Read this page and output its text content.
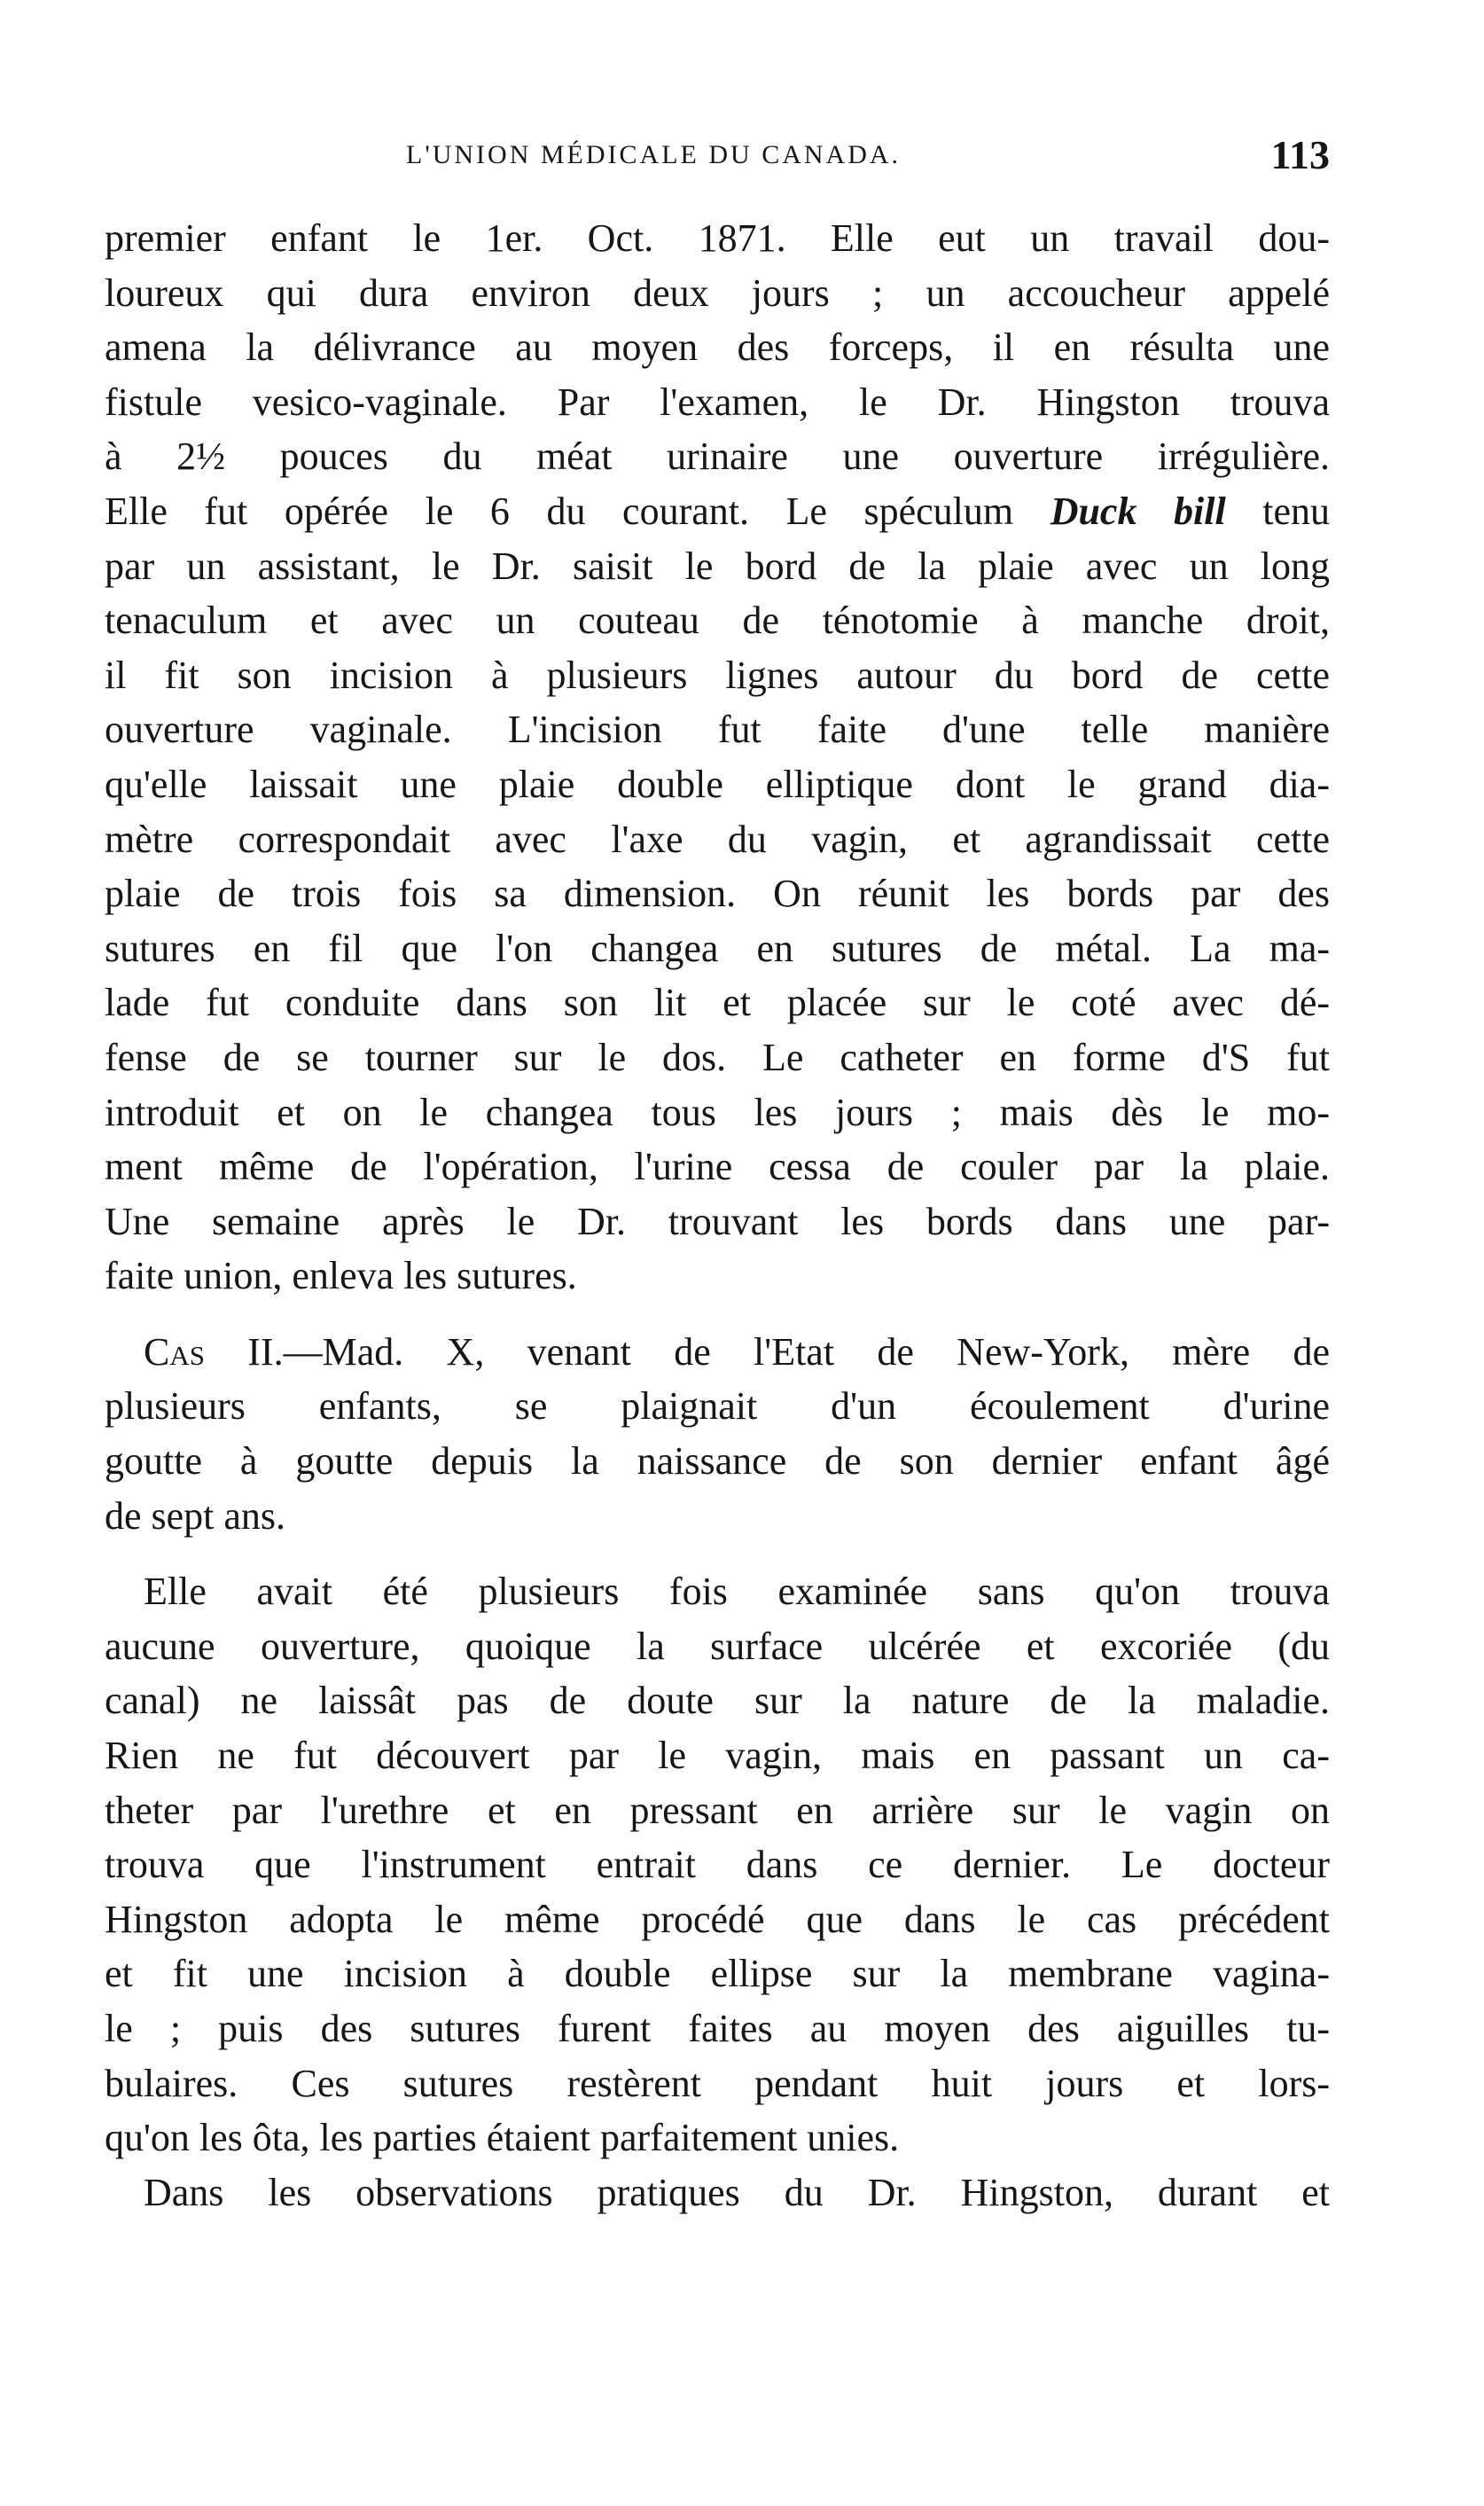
L'UNION MÉDICALE DU CANADA.	113
premier enfant le 1er. Oct. 1871. Elle eut un travail dou-
loureux qui dura environ deux jours ; un accoucheur appelé
amena la délivrance au moyen des forceps, il en résulta une
fistule vesico-vaginale. Par l'examen, le Dr. Hingston trouva
à 2½ pouces du méat urinaire une ouverture irrégulière.
Elle fut opérée le 6 du courant. Le spéculum Duck bill tenu
par un assistant, le Dr. saisit le bord de la plaie avec un long
tenaculum et avec un couteau de ténotomie à manche droit,
il fit son incision à plusieurs lignes autour du bord de cette
ouverture vaginale. L'incision fut faite d'une telle manière
qu'elle laissait une plaie double elliptique dont le grand dia-
mètre correspondait avec l'axe du vagin, et agrandissait cette
plaie de trois fois sa dimension. On réunit les bords par des
sutures en fil que l'on changea en sutures de métal. La ma-
lade fut conduite dans son lit et placée sur le coté avec dé-
fense de se tourner sur le dos. Le catheter en forme d'S fut
introduit et on le changea tous les jours ; mais dès le mo-
ment même de l'opération, l'urine cessa de couler par la plaie.
Une semaine après le Dr. trouvant les bords dans une par-
faite union, enleva les sutures.
Cas II.—Mad. X, venant de l'Etat de New-York, mère de
plusieurs enfants, se plaignait d'un écoulement d'urine
goutte à goutte depuis la naissance de son dernier enfant âgé
de sept ans.
Elle avait été plusieurs fois examinée sans qu'on trouva
aucune ouverture, quoique la surface ulcérée et excoriée (du
canal) ne laissât pas de doute sur la nature de la maladie.
Rien ne fut découvert par le vagin, mais en passant un ca-
theter par l'urethre et en pressant en arrière sur le vagin on
trouva que l'instrument entrait dans ce dernier. Le docteur
Hingston adopta le même procédé que dans le cas précédent
et fit une incision à double ellipse sur la membrane vagina-
le ; puis des sutures furent faites au moyen des aiguilles tu-
bulaires. Ces sutures restèrent pendant huit jours et lors-
qu'on les ôta, les parties étaient parfaitement unies.
Dans les observations pratiques du Dr. Hingston, durant et
